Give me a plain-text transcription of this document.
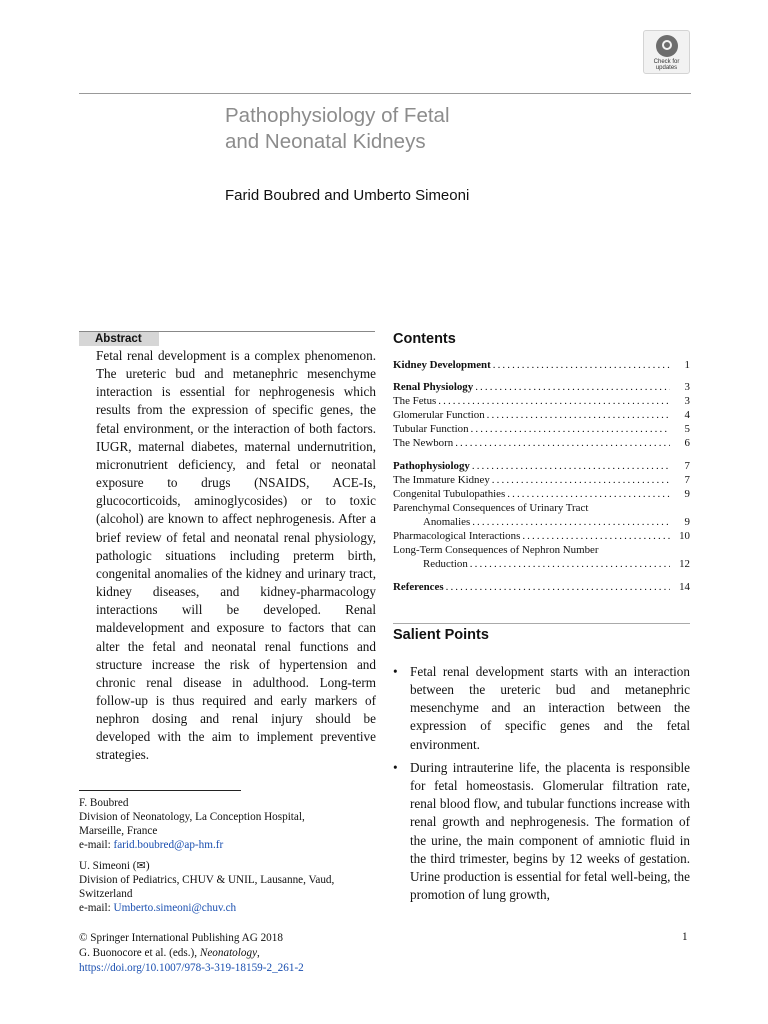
Check for
updates
Pathophysiology of Fetal
and Neonatal Kidneys
Farid Boubred and Umberto Simeoni
Abstract

Fetal renal development is a complex phenomenon. The ureteric bud and metanephric mesenchyme interaction is essential for nephrogenesis which results from the expression of specific genes, the fetal environment, or the interaction of both factors. IUGR, maternal diabetes, maternal undernutrition, micronutrient deficiency, and fetal or neonatal exposure to drugs (NSAIDS, ACE-Is, glucocorticoids, aminoglycosides) or to toxic (alcohol) are known to affect nephrogenesis. After a brief review of fetal and neonatal renal physiology, pathologic situations including preterm birth, congenital anomalies of the kidney and urinary tract, kidney diseases, and kidney-pharmacology interactions will be developed. Renal maldevelopment and exposure to factors that can alter the fetal and neonatal renal functions and structure increase the risk of hypertension and chronic renal disease in adulthood. Long-term follow-up is thus required and early markers of nephron dosing and renal injury should be developed with the aim to implement preventive strategies.

F. Boubred
Division of Neonatology, La Conception Hospital,
Marseille, France
e-mail: farid.boubred@ap-hm.fr
U. Simeoni (✉)
Division of Pediatrics, CHUV & UNIL, Lausanne, Vaud,
Switzerland
e-mail: Umberto.simeoni@chuv.ch
Contents
Kidney Development . . .	1
Renal Physiology . . .	3
The Fetus . . .	3
Glomerular Function . . .	4
Tubular Function . . .	5
The Newborn . . .	6
Pathophysiology . . .	7
The Immature Kidney . . .	7
Congenital Tubulopathies . . .	9
Parenchymal Consequences of Urinary Tract
Anomalies . . .	9
Pharmacological Interactions . . .	10
Long-Term Consequences of Nephron Number
Reduction . . .	12
References . . .	14
Salient Points
• Fetal renal development starts with an interaction between the ureteric bud and metanephric mesenchyme and an interaction between the expression of specific genes and the fetal environment.
• During intrauterine life, the placenta is responsible for fetal homeostasis. Glomerular filtration rate, renal blood flow, and tubular functions increase with renal growth and nephrogenesis. The formation of the urine, the main component of amniotic fluid in the third trimester, begins by 12 weeks of gestation. Urine production is essential for fetal well-being, the promotion of lung growth,
© Springer International Publishing AG 2018
G. Buonocore et al. (eds.), Neonatology,
https://doi.org/10.1007/978-3-319-18159-2_261-2
1
